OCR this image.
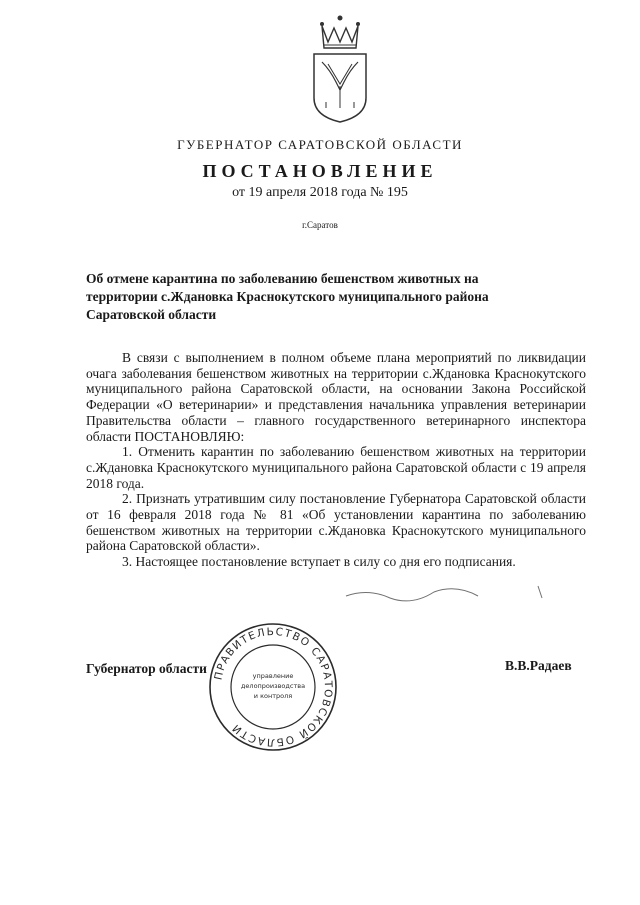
ГУБЕРНАТОР САРАТОВСКОЙ ОБЛАСТИ
ПОСТАНОВЛЕНИЕ
от 19 апреля 2018 года № 195
г.Саратов
Об отмене карантина по заболеванию бешенством животных на территории с.Ждановка Краснокутского муниципального района Саратовской области

В связи с выполнением в полном объеме плана мероприятий по ликвидации очага заболевания бешенством животных на территории с.Ждановка Краснокутского муниципального района Саратовской области, на основании Закона Российской Федерации «О ветеринарии» и представления начальника управления ветеринарии Правительства области – главного государственного ветеринарного инспектора области ПОСТАНОВЛЯЮ:

1. Отменить карантин по заболеванию бешенством животных на территории с.Ждановка Краснокутского муниципального района Саратовской области с 19 апреля 2018 года.

2. Признать утратившим силу постановление Губернатора Саратовской области от 16 февраля 2018 года № 81 «Об установлении карантина по заболеванию бешенством животных на территории с.Ждановка Краснокутского муниципального района Саратовской области».

3. Настоящее постановление вступает в силу со дня его подписания.

Губернатор области	В.В.Радаев
ПРАВИТЕЛЬСТВО САРАТОВСКОЙ ОБЛАСТИ
управление
делопроизводства
и контроля
